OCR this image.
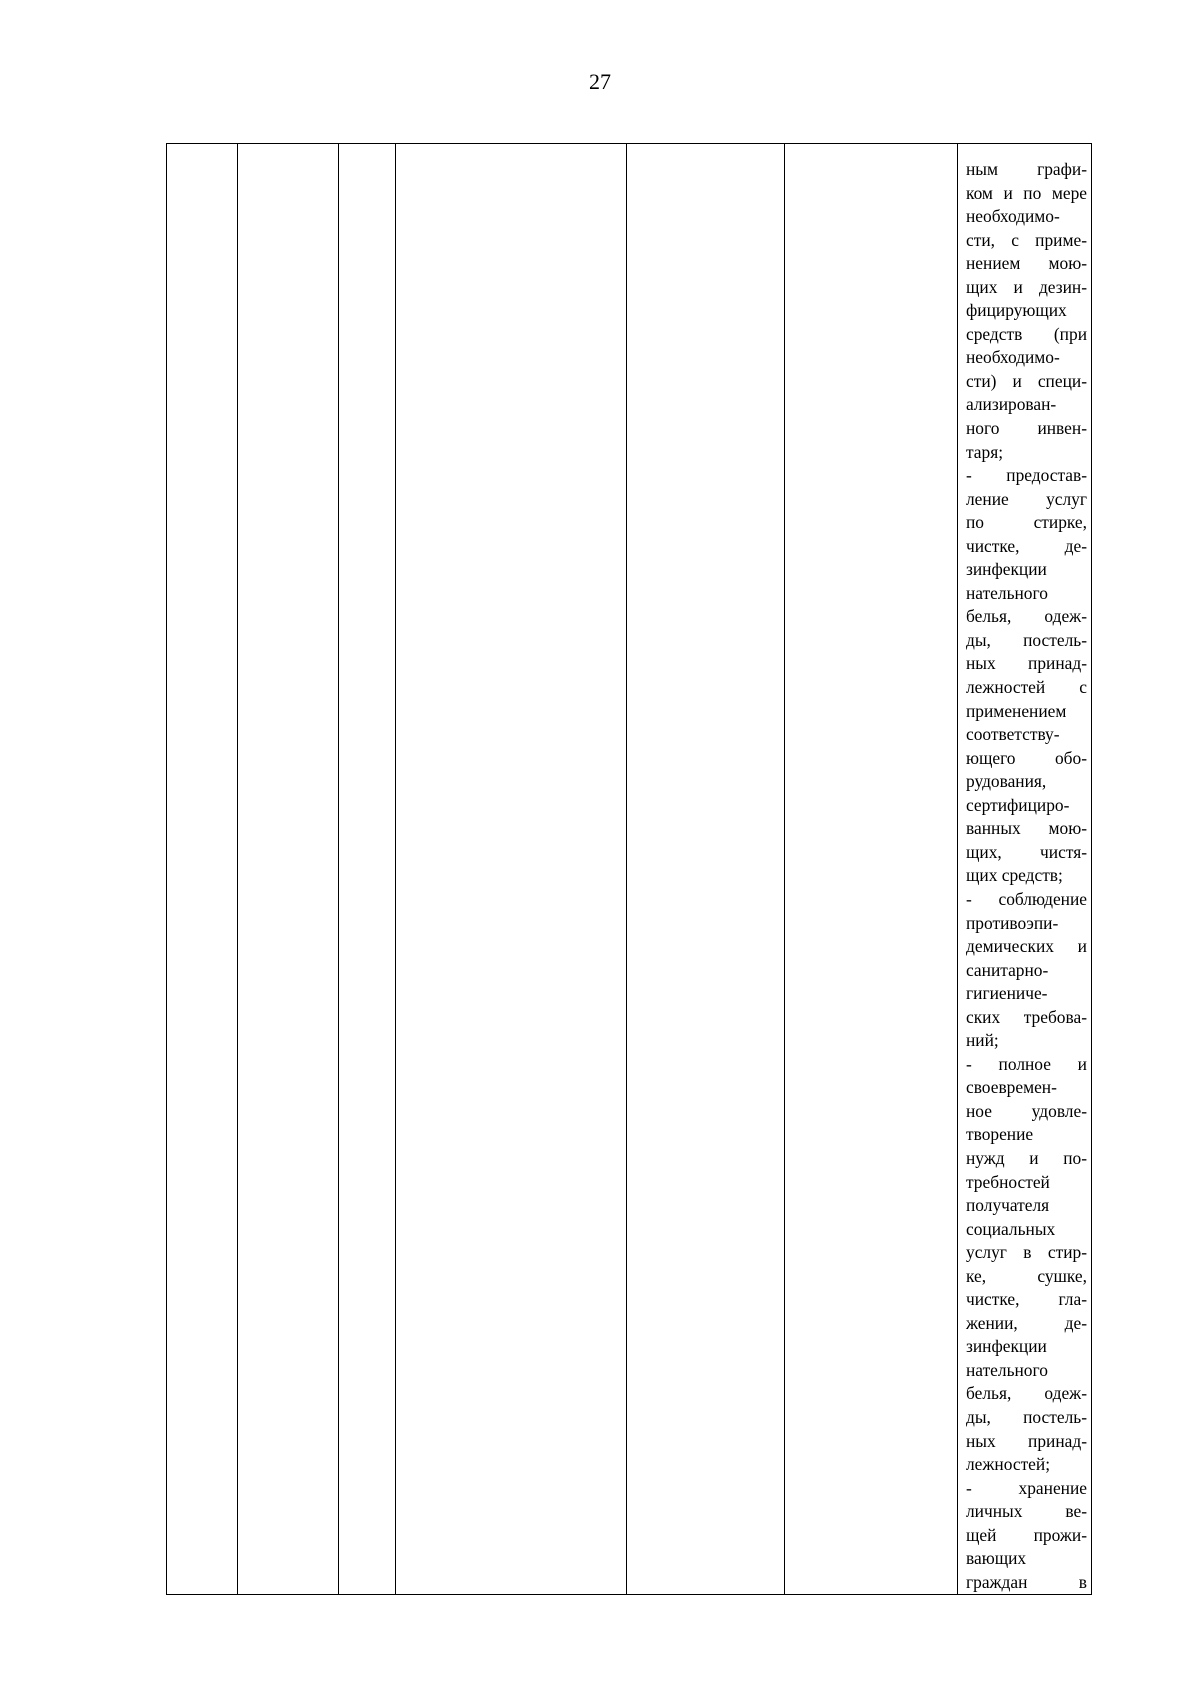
27

ным графи-
ком и по мере
необходимо-
сти, с приме-
нением мою-
щих и дезин-
фицирующих
средств (при
необходимо-
сти) и специ-
ализирован-
ного инвен-
таря;
- предостав-
ление услуг
по стирке,
чистке, де-
зинфекции
нательного
белья, одеж-
ды, постель-
ных принад-
лежностей с
применением
соответству-
ющего обо-
рудования,
сертифициро-
ванных мою-
щих, чистя-
щих средств;
- соблюдение
противоэпи-
демических и
санитарно-
гигиениче-
ских требова-
ний;
- полное и
своевремен-
ное удовле-
творение
нужд и по-
требностей
получателя
социальных
услуг в стир-
ке, сушке,
чистке, гла-
жении, де-
зинфекции
нательного
белья, одеж-
ды, постель-
ных принад-
лежностей;
- хранение
личных ве-
щей прожи-
вающих
граждан в
